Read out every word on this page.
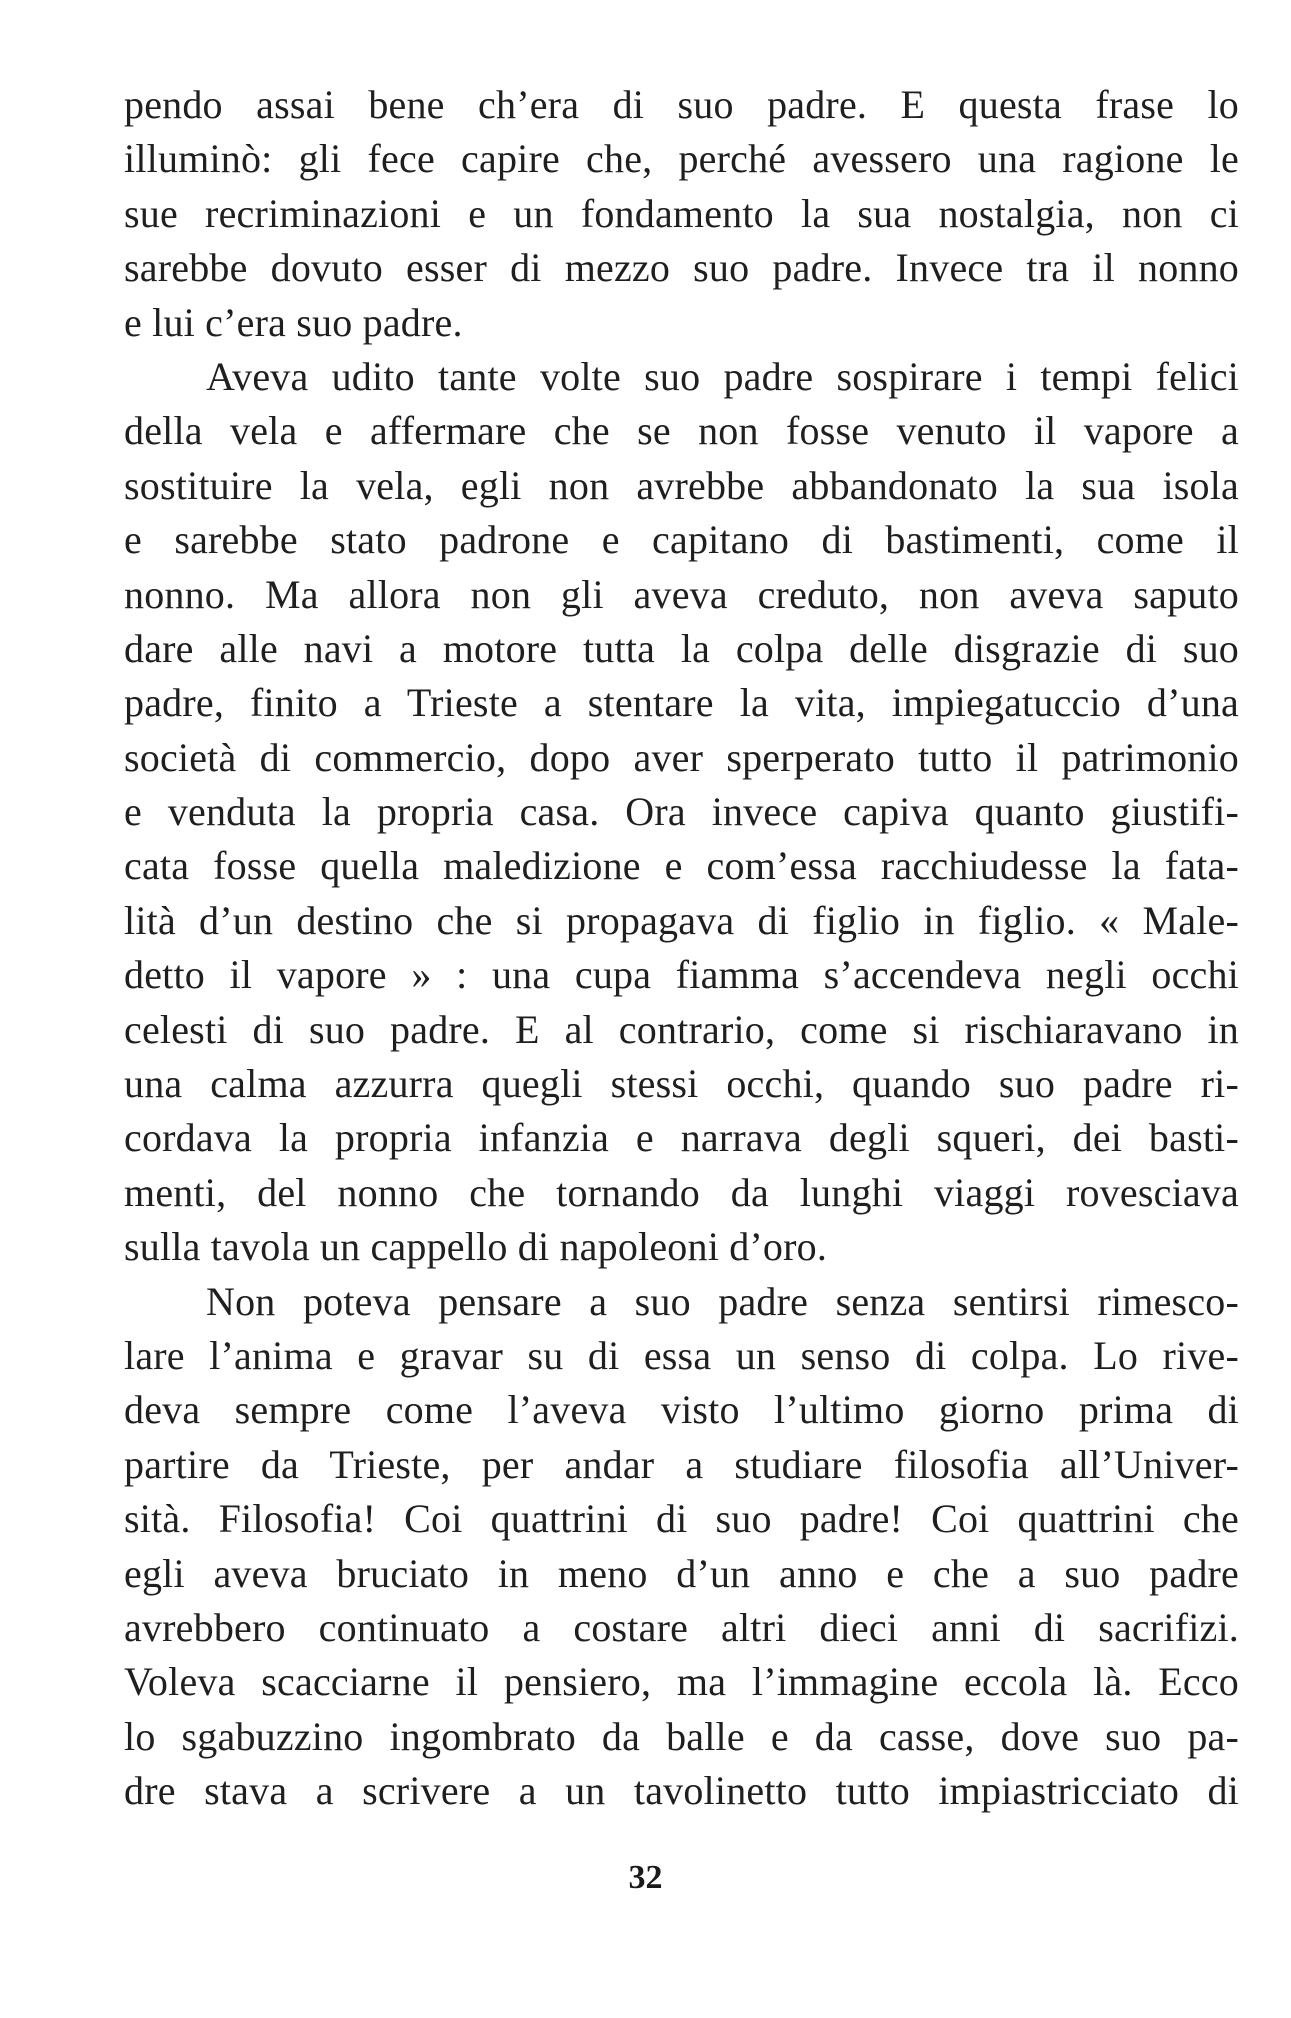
pendo assai bene ch’era di suo padre. E questa frase lo
illuminò: gli fece capire che, perché avessero una ragione le
sue recriminazioni e un fondamento la sua nostalgia, non ci
sarebbe dovuto esser di mezzo suo padre. Invece tra il nonno
e lui c’era suo padre.
Aveva udito tante volte suo padre sospirare i tempi felici
della vela e affermare che se non fosse venuto il vapore a
sostituire la vela, egli non avrebbe abbandonato la sua isola
e sarebbe stato padrone e capitano di bastimenti, come il
nonno. Ma allora non gli aveva creduto, non aveva saputo
dare alle navi a motore tutta la colpa delle disgrazie di suo
padre, finito a Trieste a stentare la vita, impiegatuccio d’una
società di commercio, dopo aver sperperato tutto il patrimonio
e venduta la propria casa. Ora invece capiva quanto giustifi-
cata fosse quella maledizione e com’essa racchiudesse la fata-
lità d’un destino che si propagava di figlio in figlio. « Male-
detto il vapore » : una cupa fiamma s’accendeva negli occhi
celesti di suo padre. E al contrario, come si rischiaravano in
una calma azzurra quegli stessi occhi, quando suo padre ri-
cordava la propria infanzia e narrava degli squeri, dei basti-
menti, del nonno che tornando da lunghi viaggi rovesciava
sulla tavola un cappello di napoleoni d’oro.
Non poteva pensare a suo padre senza sentirsi rimesco-
lare l’anima e gravar su di essa un senso di colpa. Lo rive-
deva sempre come l’aveva visto l’ultimo giorno prima di
partire da Trieste, per andar a studiare filosofia all’Univer-
sità. Filosofia! Coi quattrini di suo padre! Coi quattrini che
egli aveva bruciato in meno d’un anno e che a suo padre
avrebbero continuato a costare altri dieci anni di sacrifizi.
Voleva scacciarne il pensiero, ma l’immagine eccola là. Ecco
lo sgabuzzino ingombrato da balle e da casse, dove suo pa-
dre stava a scrivere a un tavolinetto tutto impiastricciato di
32
